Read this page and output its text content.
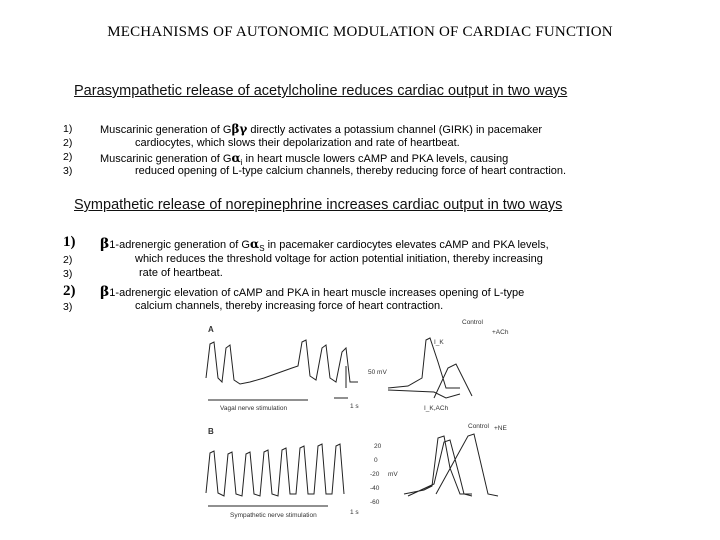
MECHANISMS OF AUTONOMIC MODULATION OF CARDIAC FUNCTION
Parasympathetic release of acetylcholine reduces cardiac output in two ways
1)
2)
2)
3)
Muscarinic generation of Gβγ directly activates a potassium channel (GIRK) in pacemaker
cardiocytes, which slows their depolarization and rate of heartbeat.
Muscarinic generation of $G\alpha_i$ in heart muscle lowers cAMP and PKA levels, causing
reduced opening of L-type calcium channels, thereby reducing force of heart contraction.
Sympathetic release of norepinephrine increases cardiac output in two ways
1)
2)
3)
2)
3)
β1-adrenergic generation of $G\alpha_S$ in pacemaker cardiocytes elevates cAMP and PKA levels,
which reduces the threshold voltage for action potential initiation, thereby increasing
rate of heartbeat.
β1-adrenergic elevation of cAMP and PKA in heart muscle increases opening of L-type
calcium channels, thereby increasing force of heart contraction.
A
Vagal nerve stimulation
50 mV
1 s
Control
+ACh
I_K
I_K,ACh
B
Sympathetic nerve stimulation	1 s
20
0
-20
-40
-60
mV
Control +NE
